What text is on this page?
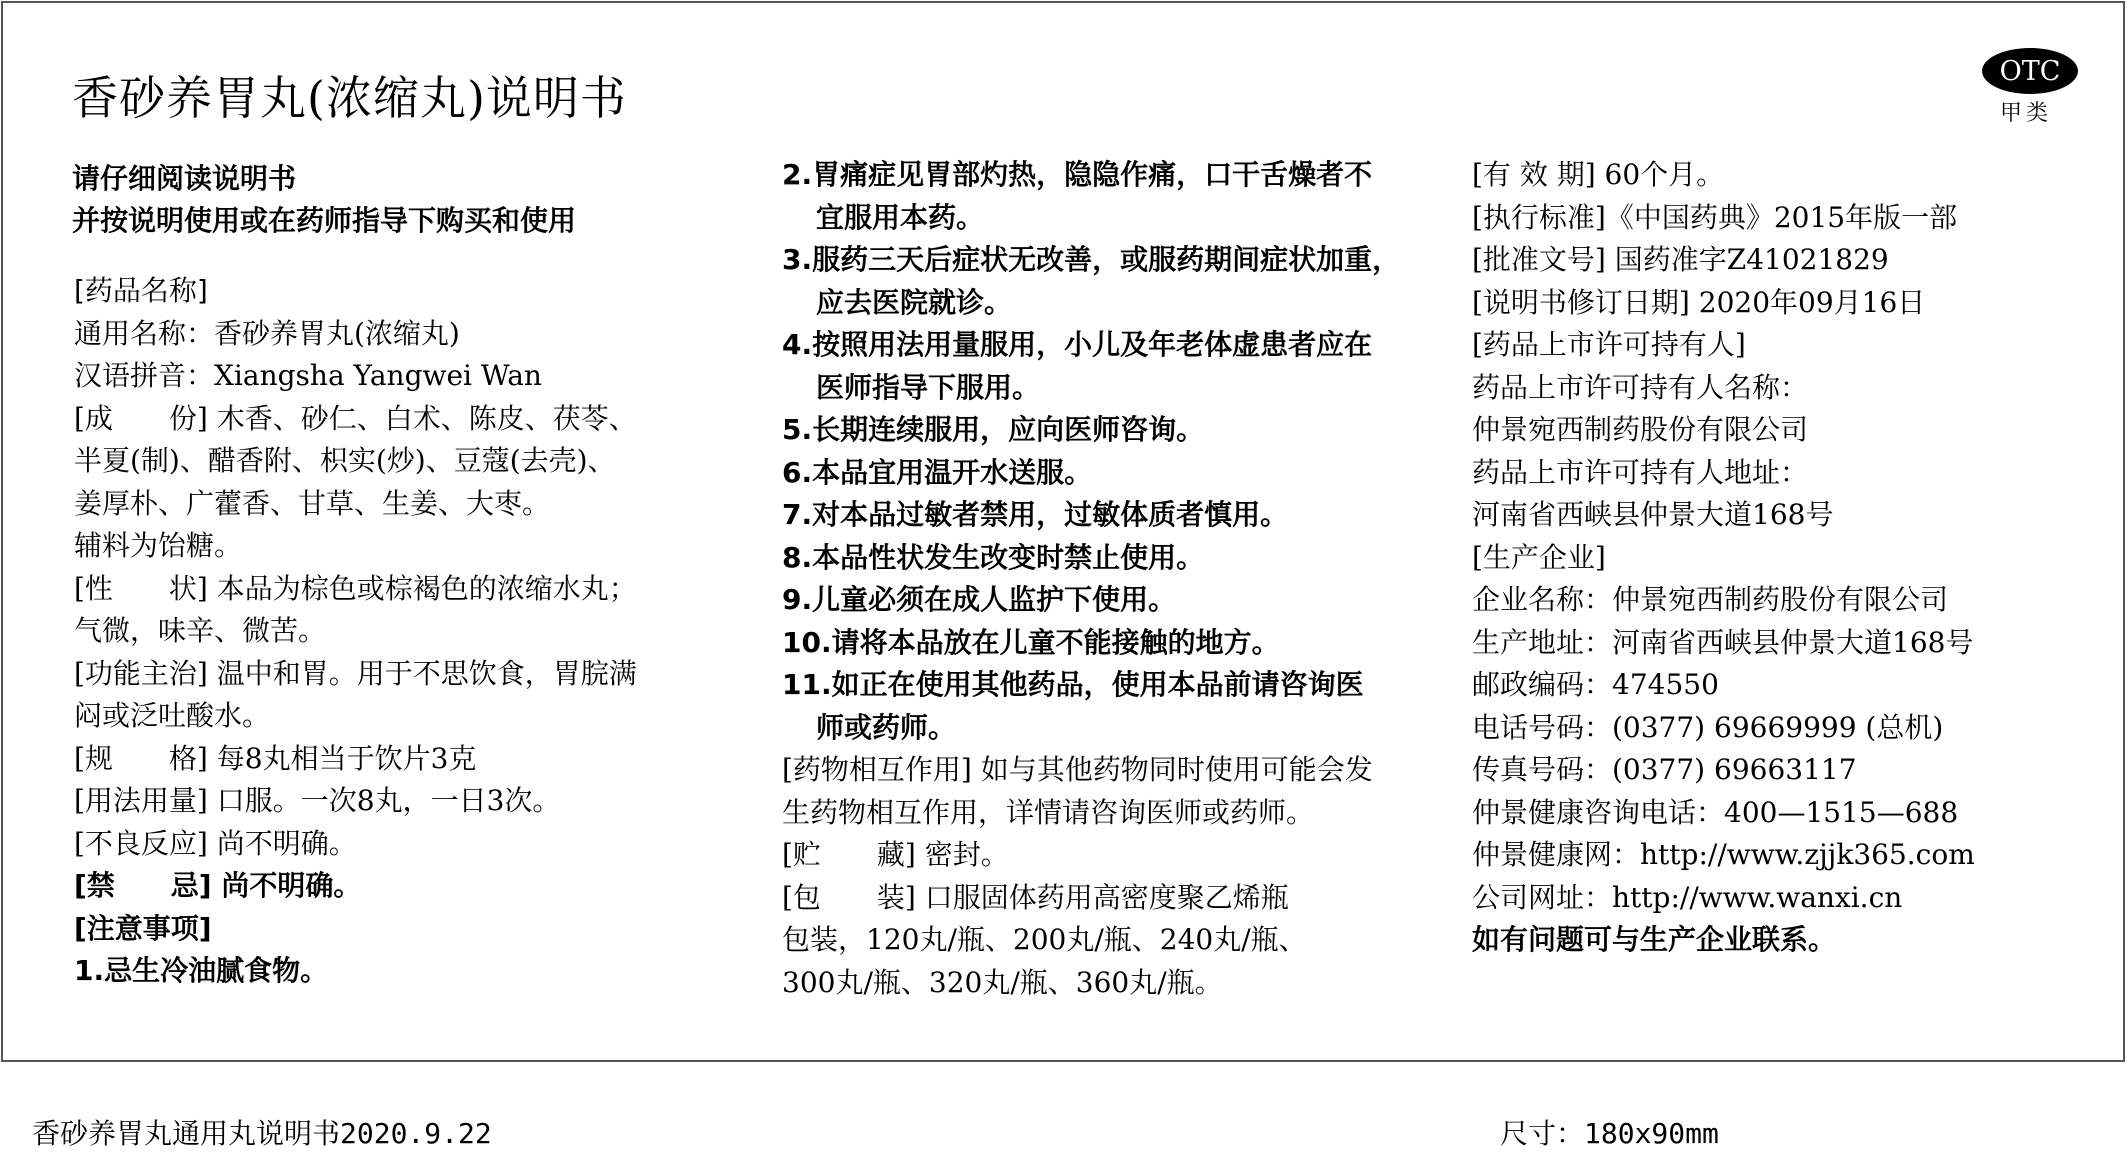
香砂养胃丸(浓缩丸)说明书	OTC
甲类
请仔细阅读说明书
并按说明使用或在药师指导下购买和使用
[药品名称]
通用名称：香砂养胃丸(浓缩丸)
汉语拼音：Xiangsha Yangwei Wan
[成　　份] 木香、砂仁、白术、陈皮、茯苓、
半夏(制)、醋香附、枳实(炒)、豆蔻(去壳)、
姜厚朴、广藿香、甘草、生姜、大枣。
辅料为饴糖。
[性　　状] 本品为棕色或棕褐色的浓缩水丸；
气微，味辛、微苦。
[功能主治] 温中和胃。用于不思饮食，胃脘满
闷或泛吐酸水。
[规　　格] 每8丸相当于饮片3克
[用法用量] 口服。一次8丸，一日3次。
[不良反应] 尚不明确。
[禁　　忌] 尚不明确。
[注意事项]
1.忌生冷油腻食物。
2.胃痛症见胃部灼热，隐隐作痛，口干舌燥者不
宜服用本药。
3.服药三天后症状无改善，或服药期间症状加重，
应去医院就诊。
4.按照用法用量服用，小儿及年老体虚患者应在
医师指导下服用。
5.长期连续服用，应向医师咨询。
6.本品宜用温开水送服。
7.对本品过敏者禁用，过敏体质者慎用。
8.本品性状发生改变时禁止使用。
9.儿童必须在成人监护下使用。
10.请将本品放在儿童不能接触的地方。
11.如正在使用其他药品，使用本品前请咨询医
师或药师。
[药物相互作用] 如与其他药物同时使用可能会发
生药物相互作用，详情请咨询医师或药师。
[贮　　藏] 密封。
[包　　装] 口服固体药用高密度聚乙烯瓶
包装，120丸/瓶、200丸/瓶、240丸/瓶、
300丸/瓶、320丸/瓶、360丸/瓶。
[有 效 期] 60个月。
[执行标准]《中国药典》2015年版一部
[批准文号] 国药准字Z41021829
[说明书修订日期] 2020年09月16日
[药品上市许可持有人]
药品上市许可持有人名称：
仲景宛西制药股份有限公司
药品上市许可持有人地址：
河南省西峡县仲景大道168号
[生产企业]
企业名称：仲景宛西制药股份有限公司
生产地址：河南省西峡县仲景大道168号
邮政编码：474550
电话号码：(0377) 69669999 (总机)
传真号码：(0377) 69663117
仲景健康咨询电话：400—1515—688
仲景健康网：http://www.zjjk365.com
公司网址：http://www.wanxi.cn
如有问题可与生产企业联系。
香砂养胃丸通用丸说明书2020.9.22	尺寸：180x90mm
